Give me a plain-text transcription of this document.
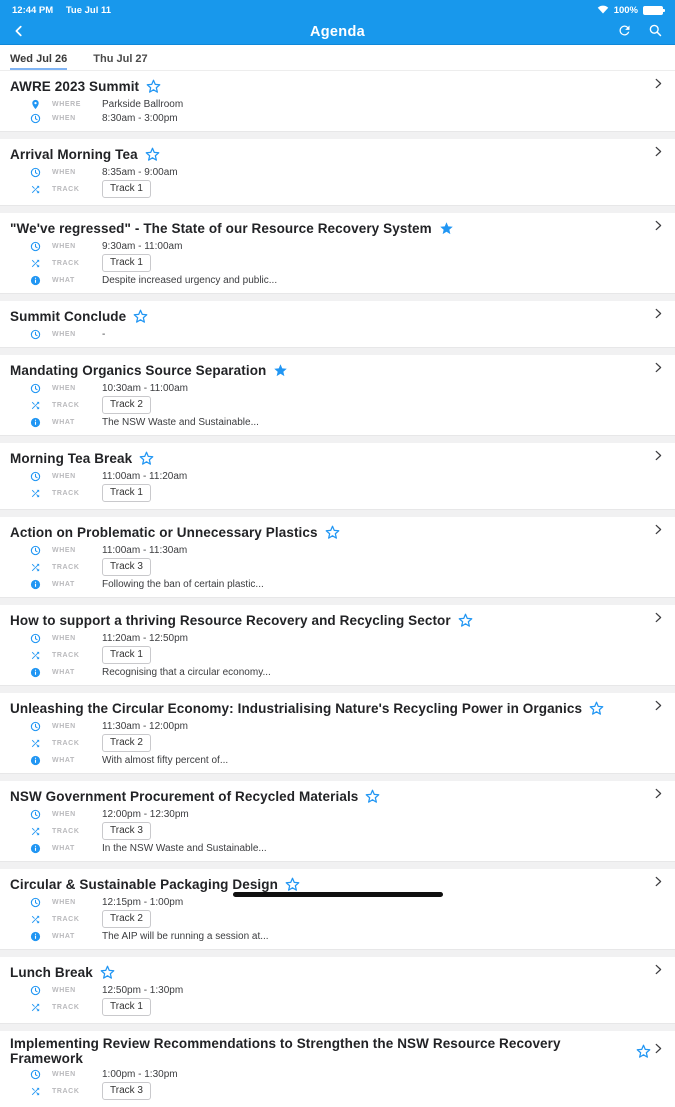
12:44 PM Tue Jul 11	100%
Agenda
Wed Jul 26 Thu Jul 27
AWRE 2023 Summit
WHERE	Parkside Ballroom
WHEN	8:30am - 3:00pm
Arrival Morning Tea
WHEN	8:35am - 9:00am
TRACK	Track 1
"We've regressed" - The State of our Resource Recovery System
WHEN	9:30am - 11:00am
TRACK	Track 1
WHAT	Despite increased urgency and public...
Summit Conclude
WHEN	-
Mandating Organics Source Separation
WHEN	10:30am - 11:00am
TRACK	Track 2
WHAT	The NSW Waste and Sustainable...
Morning Tea Break
WHEN	11:00am - 11:20am
TRACK	Track 1
Action on Problematic or Unnecessary Plastics
WHEN	11:00am - 11:30am
TRACK	Track 3
WHAT	Following the ban of certain plastic...
How to support a thriving Resource Recovery and Recycling Sector
WHEN	11:20am - 12:50pm
TRACK	Track 1
WHAT	Recognising that a circular economy...
Unleashing the Circular Economy: Industrialising Nature's Recycling Power in Organics
WHEN	11:30am - 12:00pm
TRACK	Track 2
WHAT	With almost fifty percent of...
NSW Government Procurement of Recycled Materials
WHEN	12:00pm - 12:30pm
TRACK	Track 3
WHAT	In the NSW Waste and Sustainable...
Circular & Sustainable Packaging Design
WHEN	12:15pm - 1:00pm
TRACK	Track 2
WHAT	The AIP will be running a session at...
Lunch Break
WHEN	12:50pm - 1:30pm
TRACK	Track 1
Implementing Review Recommendations to Strengthen the NSW Resource Recovery Framework
WHEN	1:00pm - 1:30pm
TRACK	Track 3
